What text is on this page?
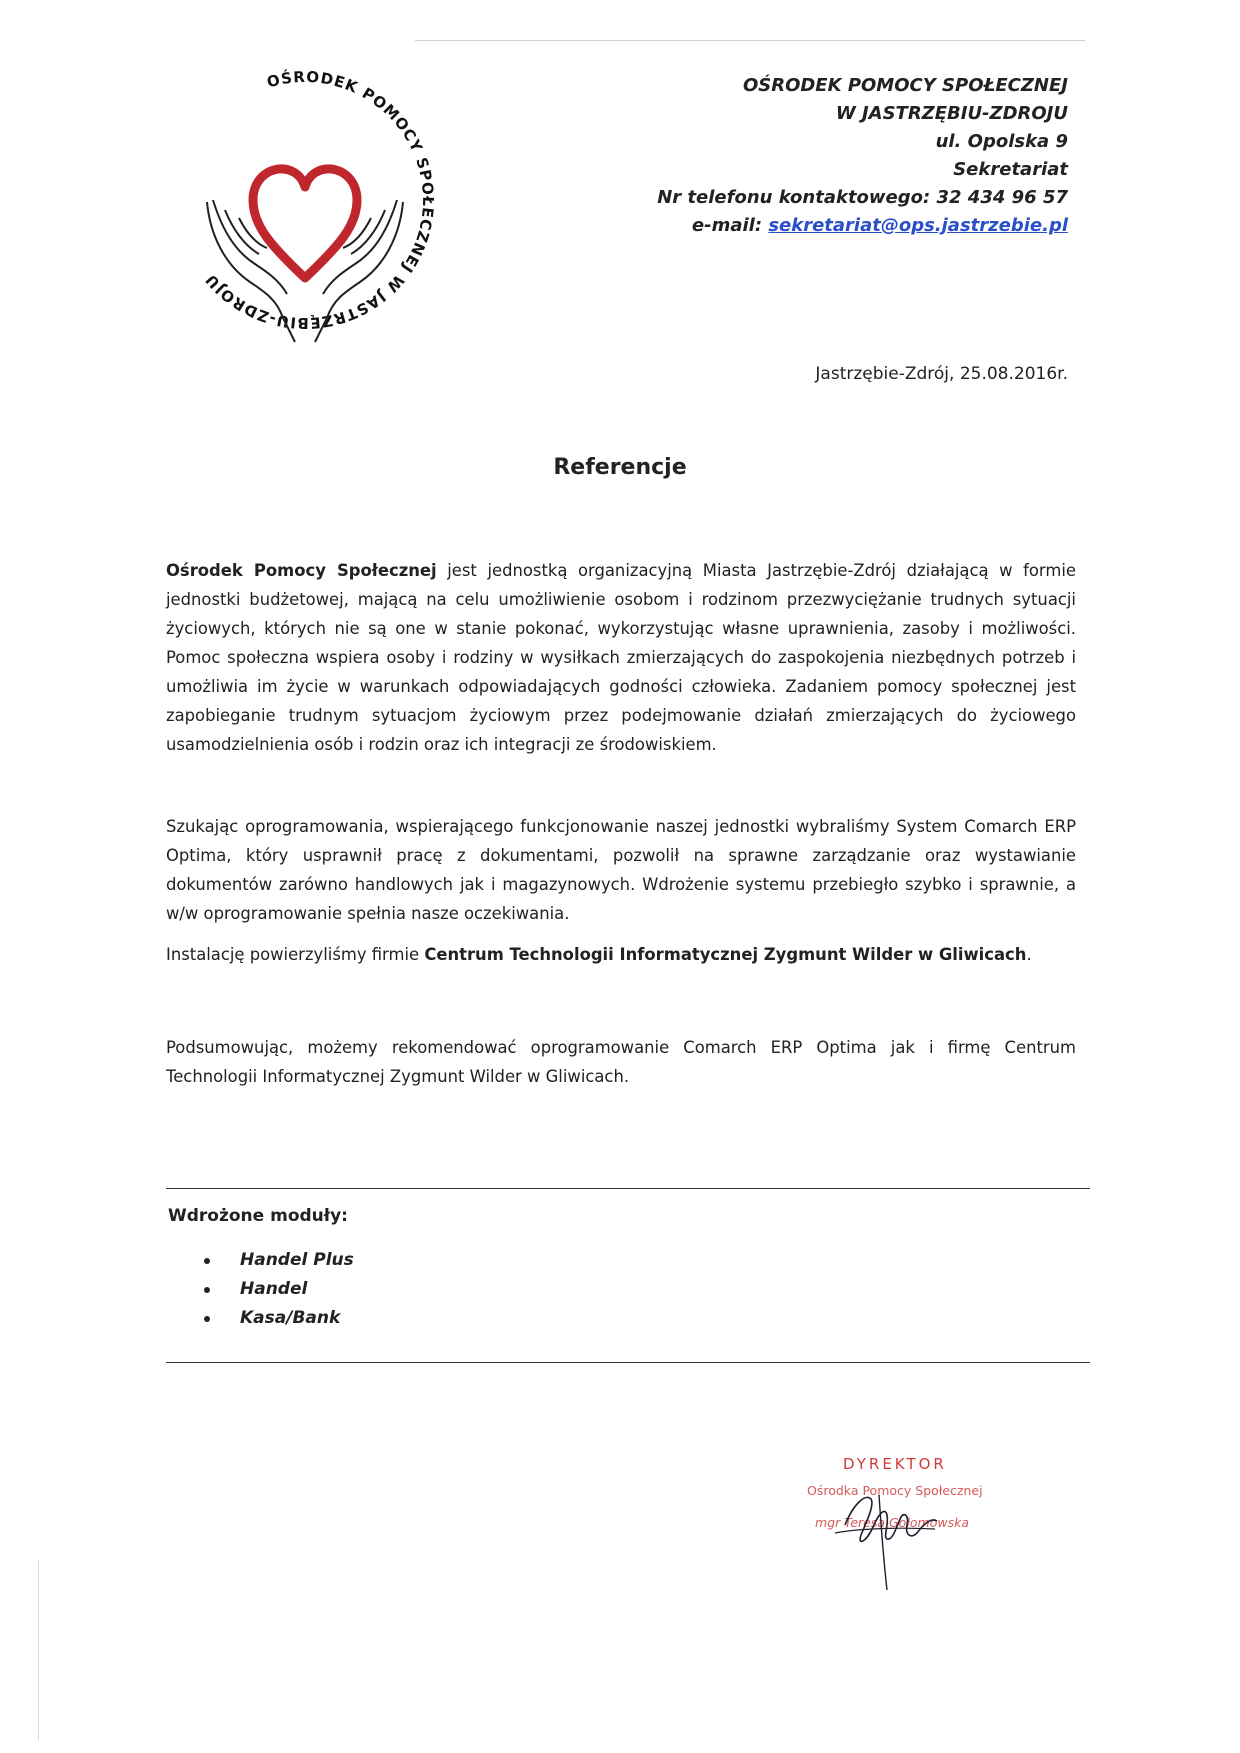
OŚRODEK POMOCY SPOŁECZNEJ W JASTRZĘBIU-ZDROJU
OŚRODEK POMOCY SPOŁECZNEJ
W JASTRZĘBIU-ZDROJU
ul. Opolska 9
Sekretariat
Nr telefonu kontaktowego: 32 434 96 57
e-mail: sekretariat@ops.jastrzebie.pl
Jastrzębie-Zdrój, 25.08.2016r.
Referencje
Ośrodek Pomocy Społecznej jest jednostką organizacyjną Miasta Jastrzębie-Zdrój działającą w formie jednostki budżetowej, mającą na celu umożliwienie osobom i rodzinom przezwyciężanie trudnych sytuacji życiowych, których nie są one w stanie pokonać, wykorzystując własne uprawnienia, zasoby i możliwości. Pomoc społeczna wspiera osoby i rodziny w wysiłkach zmierzających do zaspokojenia niezbędnych potrzeb i umożliwia im życie w warunkach odpowiadających godności człowieka. Zadaniem pomocy społecznej jest zapobieganie trudnym sytuacjom życiowym przez podejmowanie działań zmierzających do życiowego usamodzielnienia osób i rodzin oraz ich integracji ze środowiskiem.
Szukając oprogramowania, wspierającego funkcjonowanie naszej jednostki wybraliśmy System Comarch ERP Optima, który usprawnił pracę z dokumentami, pozwolił na sprawne zarządzanie oraz wystawianie dokumentów zarówno handlowych jak i magazynowych. Wdrożenie systemu przebiegło szybko i sprawnie, a w/w oprogramowanie spełnia nasze oczekiwania.
Instalację powierzyliśmy firmie Centrum Technologii Informatycznej Zygmunt Wilder w Gliwicach.
Podsumowując, możemy rekomendować oprogramowanie Comarch ERP Optima jak i firmę Centrum Technologii Informatycznej Zygmunt Wilder w Gliwicach.
Wdrożone moduły:
Handel Plus
Handel
Kasa/Bank
DYREKTOR
Ośrodka Pomocy Społecznej
mgr Teresa Gołomowska
